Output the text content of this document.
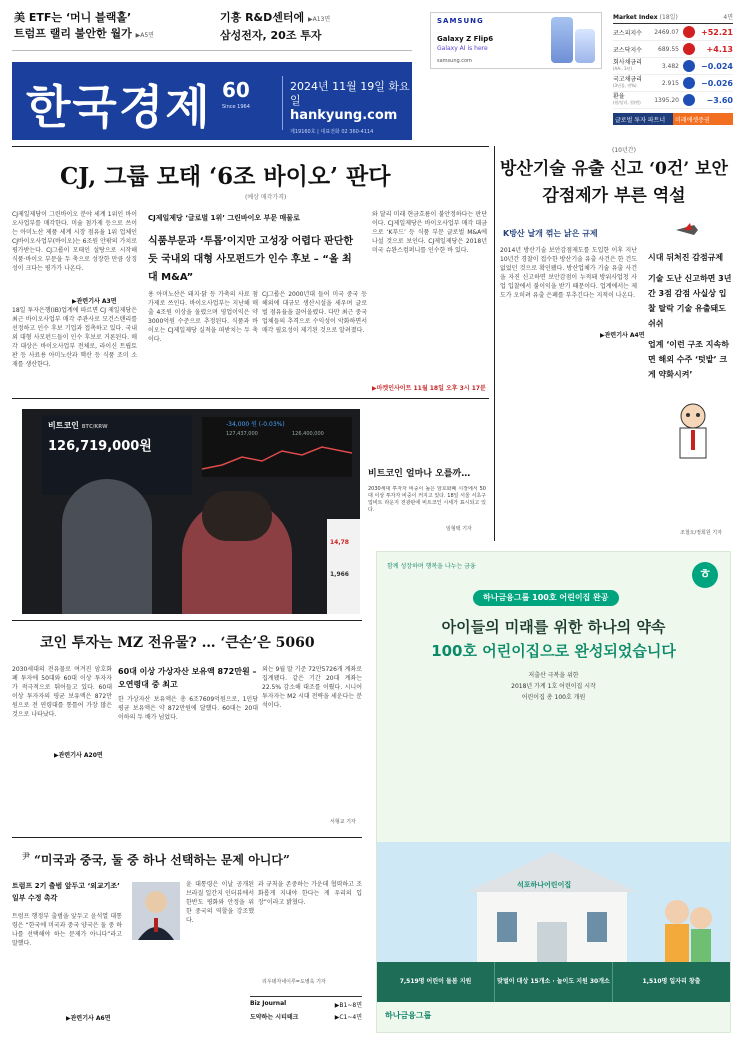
美 ETF는 ‘머니 블랙홀’
트럼프 랠리 불안한 월가 ▶A5면
기흥 R&D센터에 ▶A13면
삼성전자, 20조 투자
한국경제 60
Since 1964
2024년 11월 19일 화요일
hankyung.com
제19160호 | 대표전화 02 360-4114
SAMSUNG
Galaxy Z Flip6
Galaxy AI is here
samsung.com
Market Index (18일)	4면
코스피지수	2469.07	+52.21
코스닥지수	689.55	+4.13
회사채금리
(AA-, 3년)	3.482	−0.024
국고채금리
(3년물, 연%)	2.915	−0.026
환율
(원/달러, 원/엔)	1395.20	−3.60
글로벌 투자 파트너	미래에셋증권
CJ, 그룹 모태 ‘6조 바이오’ 판다
(예상 매각가격)
CJ제일제당 ‘글로벌 1위’ 그린바이오 부문 매물로
식품부문과 ‘투톱’이지만 고성장 어렵다 판단한 듯 국내외 대형 사모펀드가 인수 후보 – “올 최대 M&A”
CJ제일제당이 그린바이오 분야 세계 1위인 바이오사업부를 매각한다. 미슐 첨가제 등으로 쓰이는 아미노산 제품 세계 시장 점유율 1위 업체인 CJ바이오사업부(바이오)는 6조원 안팎의 가치로 평가받는다. CJ그룹이 모태인 설탕으로 시작해 식품·바이오 부문을 두 축으로 성장한 만큼 상징성이 크다는 평가가 나온다.
▶관련기사 A3면
18일 투자은행(IB)업계에 따르면 CJ 제일제당은 최근 바이오사업부 매각 주관사로 모건스탠리를 선정하고 인수 후보 기업과 접촉하고 있다. 국내외 대형 사모펀드들이 인수 후보로 거론된다. 매각 대상은 바이오사업부 전체로, 라이신 트립토판 등 사료용 아미노산과 핵산 등 식품 조미 소재를 생산한다.
용 아미노산은 돼지·닭 등 가축의 사료 첨가제로 쓰인다. 바이오사업부는 지난해 매출 4조원 이상을 올렸으며 영업이익은 약 3000억원 수준으로 추정된다. 식품과 바이오는 CJ제일제당 실적을 떠받치는 두 축이다.
CJ그룹은 2000년대 들어 미국 중국 등 해외에 대규모 생산시설을 세우며 글로벌 점유율을 끌어올렸다. 다만 최근 중국 업체들의 추격으로 수익성이 악화하면서 매각 필요성이 제기된 것으로 알려졌다.
와 달리 미래 현금흐름이 불안정하다는 판단이다. CJ제일제당은 바이오사업부 매각 대금으로 ‘K푸드’ 등 식품 부문 글로벌 M&A에 나설 것으로 보인다. CJ제일제당은 2018년 미국 슈완스컴퍼니를 인수한 바 있다.
▶마켓인사이트 11월 18일 오후 3시 17분
(10년간)
방산기술 유출 신고 ‘0건’ 보안감점제가 부른 역설
K방산 날개 꺾는 낡은 규제
2014년 방산기술 보안감점제도를 도입한 이후 지난 10년간 경찰이 접수한 방산기술 유출 사건은 한 건도 없었던 것으로 확인됐다. 방산업체가 기술 유출 사건을 자진 신고하면 보안감점이 누적돼 방위사업청 사업 입찰에서 불이익을 받기 때문이다. 업계에서는 제도가 오히려 유출 은폐를 부추긴다는 지적이 나온다.
▶관련기사 A4면
시대 뒤처진 감점규제
기술 도난 신고하면 3년간 3점 감점 사실상 입찰 탈락 기술 유출돼도 쉬쉬
업계 ‘이런 구조 지속하면 해외 수주 ‘텃밭’ 크게 약화시켜’
조철오/정희원 기자
비트코인 BTC/KRW
126,719,000원
-34,000 원 (-0.03%)
127,437,000	126,400,000
14,78
1,966
비트코인 얼마나 오를까…
2030세대 투자자 비중이 높은 암호화폐 시장에서 50대 이상 투자자 비중이 커지고 있다. 18일 서울 서초구 업비트 라운지 전광판에 비트코인 시세가 표시되고 있다.
임형택 기자
코인 투자는 MZ 전유물? … ‘큰손’은 5060
60대 이상 가상자산 보유액 872만원 – 오연령대 중 최고
2030세대의 전유물로 여겨진 암호화폐 투자에 50대와 60대 이상 투자자가 적극적으로 뛰어들고 있다. 60대 이상 투자자의 평균 보유액은 872만원으로 전 연령대를 통틀어 가장 많은 것으로 나타났다.
▶관련기사 A20면
한 가상자산 보유액은 총 6조7609억원으로, 1인당 평균 보유액은 약 872만원에 달했다. 60대는 20대 이하의 두 배가 넘었다.
외는 9월 말 기준 72만5726개 계좌로 집계됐다. 같은 기간 20대 계좌는 22.5% 감소해 대조를 이뤘다. 시니어 투자자는 M2 시대 전략을 세운다는 분석이다.
서형교 기자
尹 “미국과 중국, 둘 중 하나 선택하는 문제 아니다”
트럼프 2기 출범 앞두고 ‘외교기조’ 일부 수정 촉각
트럼프 행정부 출범을 앞두고 윤석열 대통령은 “한국에 미국과 중국 양국은 둘 중 하나를 선택해야 하는 문제가 아니다”라고 말했다.
▶관련기사 A6면
윤 대통령은 이날 공개된 브라질 일간지 인터뷰에서 한반도 평화와 안정을 위한 중국의 역할을 강조했다.
과 규칙을 존중하는 가운데 협력하고 조화롭게 지내야 한다는 게 우리의 입장”이라고 밝혔다.
리우데자네이루=도병욱 기자
Biz Journal	▶B1~8면
도약하는 시티테크	▶C1~4면
함께 성장하며 행복을 나누는 금융
ㅎ
하나금융그룹 100호 어린이집 완공
아이들의 미래를 위한 하나의 약속
100호 어린이집으로 완성되었습니다
저출산 극복을 위한
2018년 가계 1호 어린이집 시작
어린이집 총 100호 개원
석포하나어린이집
7,519명 어린이 돌봄 지원	맞벌이 대상 15개소 · 놀이도 지원 30개소	1,510명 일자리 창출
하나금융그룹
